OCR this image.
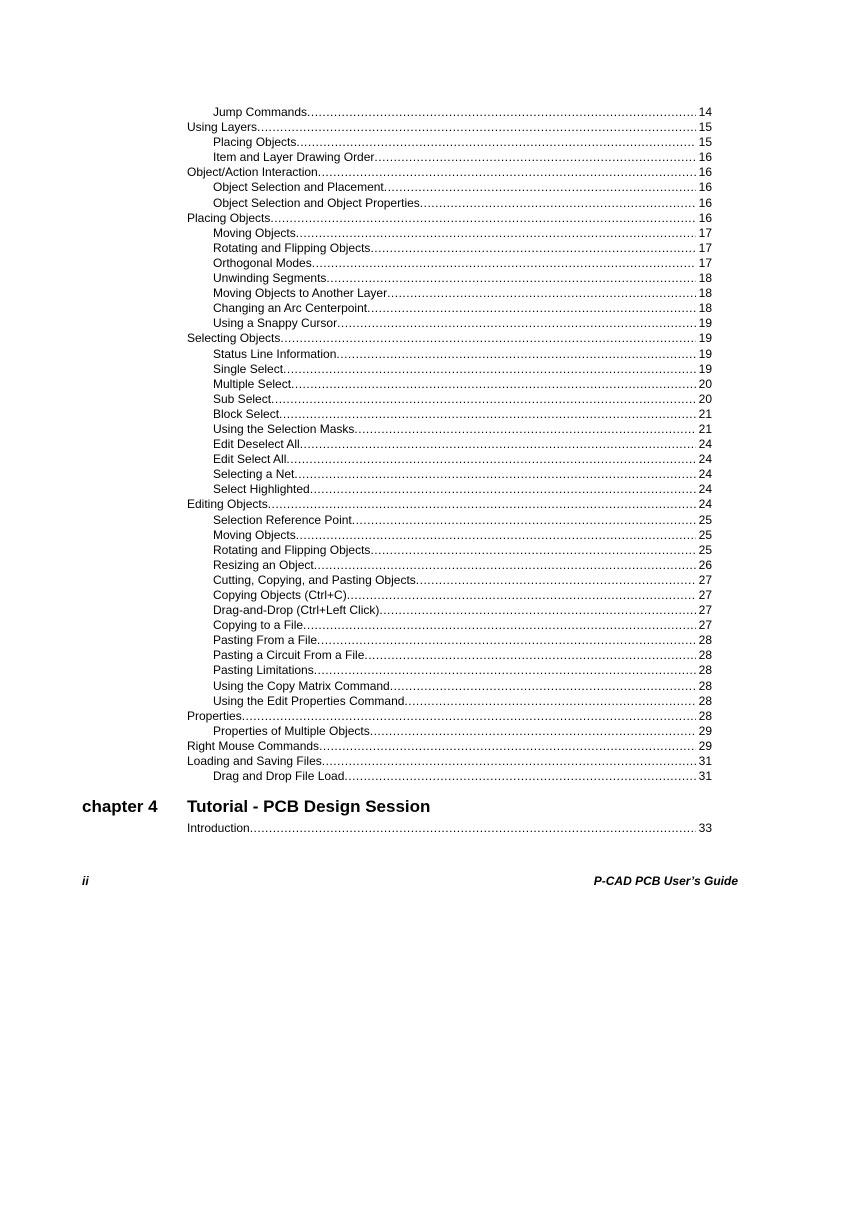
Jump Commands .....	14
Using Layers .....	15
Placing Objects .....	15
Item and Layer Drawing Order .....	16
Object/Action Interaction .....	16
Object Selection and Placement .....	16
Object Selection and Object Properties .....	16
Placing Objects .....	16
Moving Objects .....	17
Rotating and Flipping Objects .....	17
Orthogonal Modes .....	17
Unwinding Segments .....	18
Moving Objects to Another Layer .....	18
Changing an Arc Centerpoint .....	18
Using a Snappy Cursor .....	19
Selecting Objects .....	19
Status Line Information .....	19
Single Select .....	19
Multiple Select .....	20
Sub Select .....	20
Block Select .....	21
Using the Selection Masks .....	21
Edit Deselect All .....	24
Edit Select All .....	24
Selecting a Net .....	24
Select Highlighted .....	24
Editing Objects .....	24
Selection Reference Point .....	25
Moving Objects .....	25
Rotating and Flipping Objects .....	25
Resizing an Object .....	26
Cutting, Copying, and Pasting Objects .....	27
Copying Objects (Ctrl+C) .....	27
Drag-and-Drop (Ctrl+Left Click) .....	27
Copying to a File .....	27
Pasting From a File .....	28
Pasting a Circuit From a File .....	28
Pasting Limitations .....	28
Using the Copy Matrix Command .....	28
Using the Edit Properties Command .....	28
Properties .....	28
Properties of Multiple Objects .....	29
Right Mouse Commands .....	29
Loading and Saving Files .....	31
Drag and Drop File Load .....	31
chapter 4 Tutorial - PCB Design Session
Introduction .....	33
ii	P-CAD PCB User’s Guide
